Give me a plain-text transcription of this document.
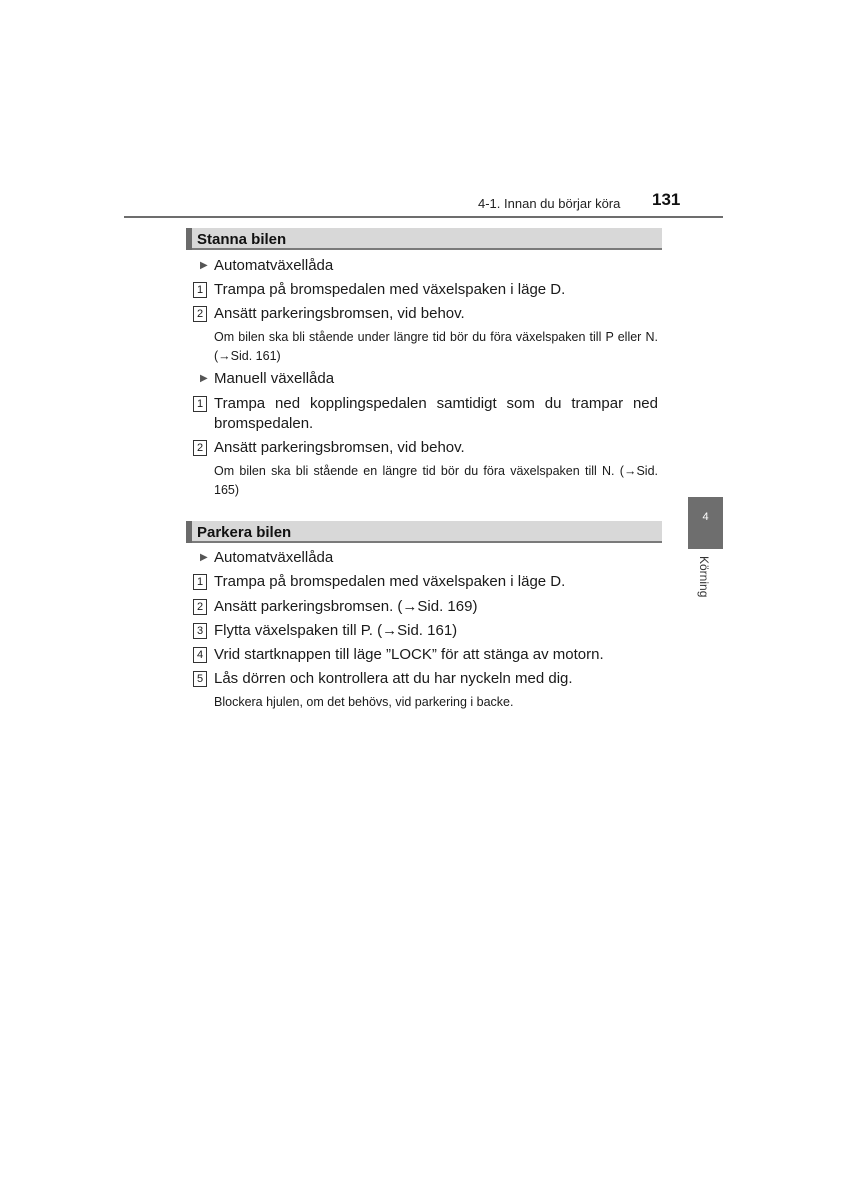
4-1. Innan du börjar köra 131
Stanna bilen
▶ Automatväxellåda
1 Trampa på bromspedalen med växelspaken i läge D.
2 Ansätt parkeringsbromsen, vid behov.
Om bilen ska bli stående under längre tid bör du föra växelspaken till P eller N. (→Sid. 161)
▶ Manuell växellåda
1 Trampa ned kopplingspedalen samtidigt som du trampar ned bromspedalen.
2 Ansätt parkeringsbromsen, vid behov.
Om bilen ska bli stående en längre tid bör du föra växelspaken till N. (→Sid. 165)
Parkera bilen
▶ Automatväxellåda
1 Trampa på bromspedalen med växelspaken i läge D.
2 Ansätt parkeringsbromsen. (→Sid. 169)
3 Flytta växelspaken till P. (→Sid. 161)
4 Vrid startknappen till läge ”LOCK” för att stänga av motorn.
5 Lås dörren och kontrollera att du har nyckeln med dig.
Blockera hjulen, om det behövs, vid parkering i backe.
4
Körning
